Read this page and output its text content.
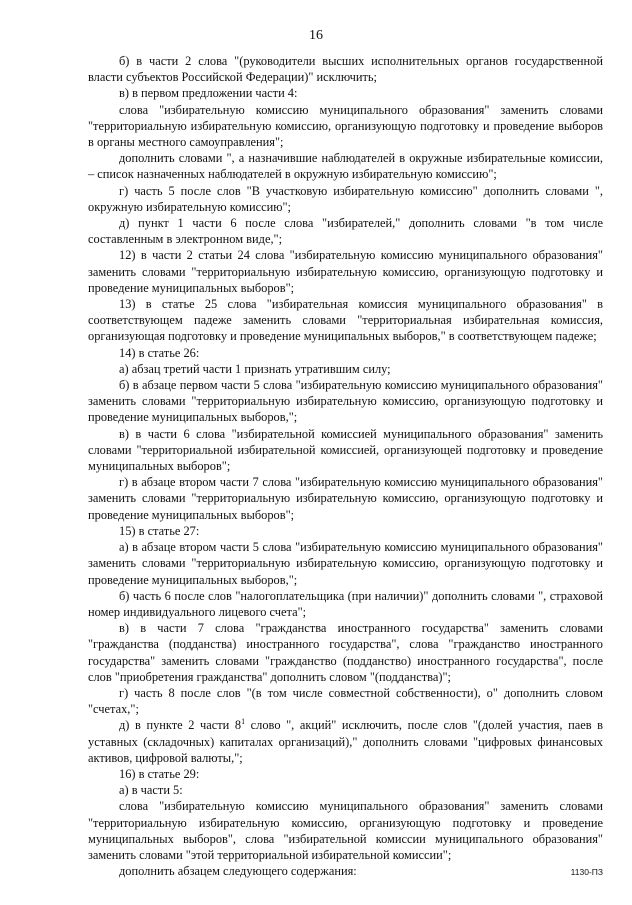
16

б) в части 2 слова "(руководители высших исполнительных органов государственной власти субъектов Российской Федерации)" исключить;

в) в первом предложении части 4:

слова "избирательную комиссию муниципального образования" заменить словами "территориальную избирательную комиссию, организующую подготовку и проведение выборов в органы местного самоуправления";

дополнить словами ", а назначившие наблюдателей в окружные избирательные комиссии, – список назначенных наблюдателей в окружную избирательную комиссию";

г) часть 5 после слов "В участковую избирательную комиссию" дополнить словами ", окружную избирательную комиссию";

д) пункт 1 части 6 после слова "избирателей," дополнить словами "в том числе составленным в электронном виде,";

12) в части 2 статьи 24 слова "избирательную комиссию муниципального образования" заменить словами "территориальную избирательную комиссию, организующую подготовку и проведение муниципальных выборов";

13) в статье 25 слова "избирательная комиссия муниципального образования" в соответствующем падеже заменить словами "территориальная избирательная комиссия, организующая подготовку и проведение муниципальных выборов," в соответствующем падеже;

14) в статье 26:

а) абзац третий части 1 признать утратившим силу;

б) в абзаце первом части 5 слова "избирательную комиссию муниципального образования" заменить словами "территориальную избирательную комиссию, организующую подготовку и проведение муниципальных выборов,";

в) в части 6 слова "избирательной комиссией муниципального образования" заменить словами "территориальной избирательной комиссией, организующей подготовку и проведение муниципальных выборов";

г) в абзаце втором части 7 слова "избирательную комиссию муниципального образования" заменить словами "территориальную избирательную комиссию, организующую подготовку и проведение муниципальных выборов";

15) в статье 27:

а) в абзаце втором части 5 слова "избирательную комиссию муниципального образования" заменить словами "территориальную избирательную комиссию, организующую подготовку и проведение муниципальных выборов,";

б) часть 6 после слов "налогоплательщика (при наличии)" дополнить словами ", страховой номер индивидуального лицевого счета";

в) в части 7 слова "гражданства иностранного государства" заменить словами "гражданства (подданства) иностранного государства", слова "гражданство иностранного государства" заменить словами "гражданство (подданство) иностранного государства", после слов "приобретения гражданства" дополнить словом "(подданства)";

г) часть 8 после слов "(в том числе совместной собственности), о" дополнить словом "счетах,";

д) в пункте 2 части $8^1$ слово ", акций" исключить, после слов "(долей участия, паев в уставных (складочных) капиталах организаций)," дополнить словами "цифровых финансовых активов, цифровой валюты,";

16) в статье 29:

а) в части 5:

слова "избирательную комиссию муниципального образования" заменить словами "территориальную избирательную комиссию, организующую подготовку и проведение муниципальных выборов", слова "избирательной комиссии муниципального образования" заменить словами "этой территориальной избирательной комиссии";

дополнить абзацем следующего содержания:	1130-ПЗ
